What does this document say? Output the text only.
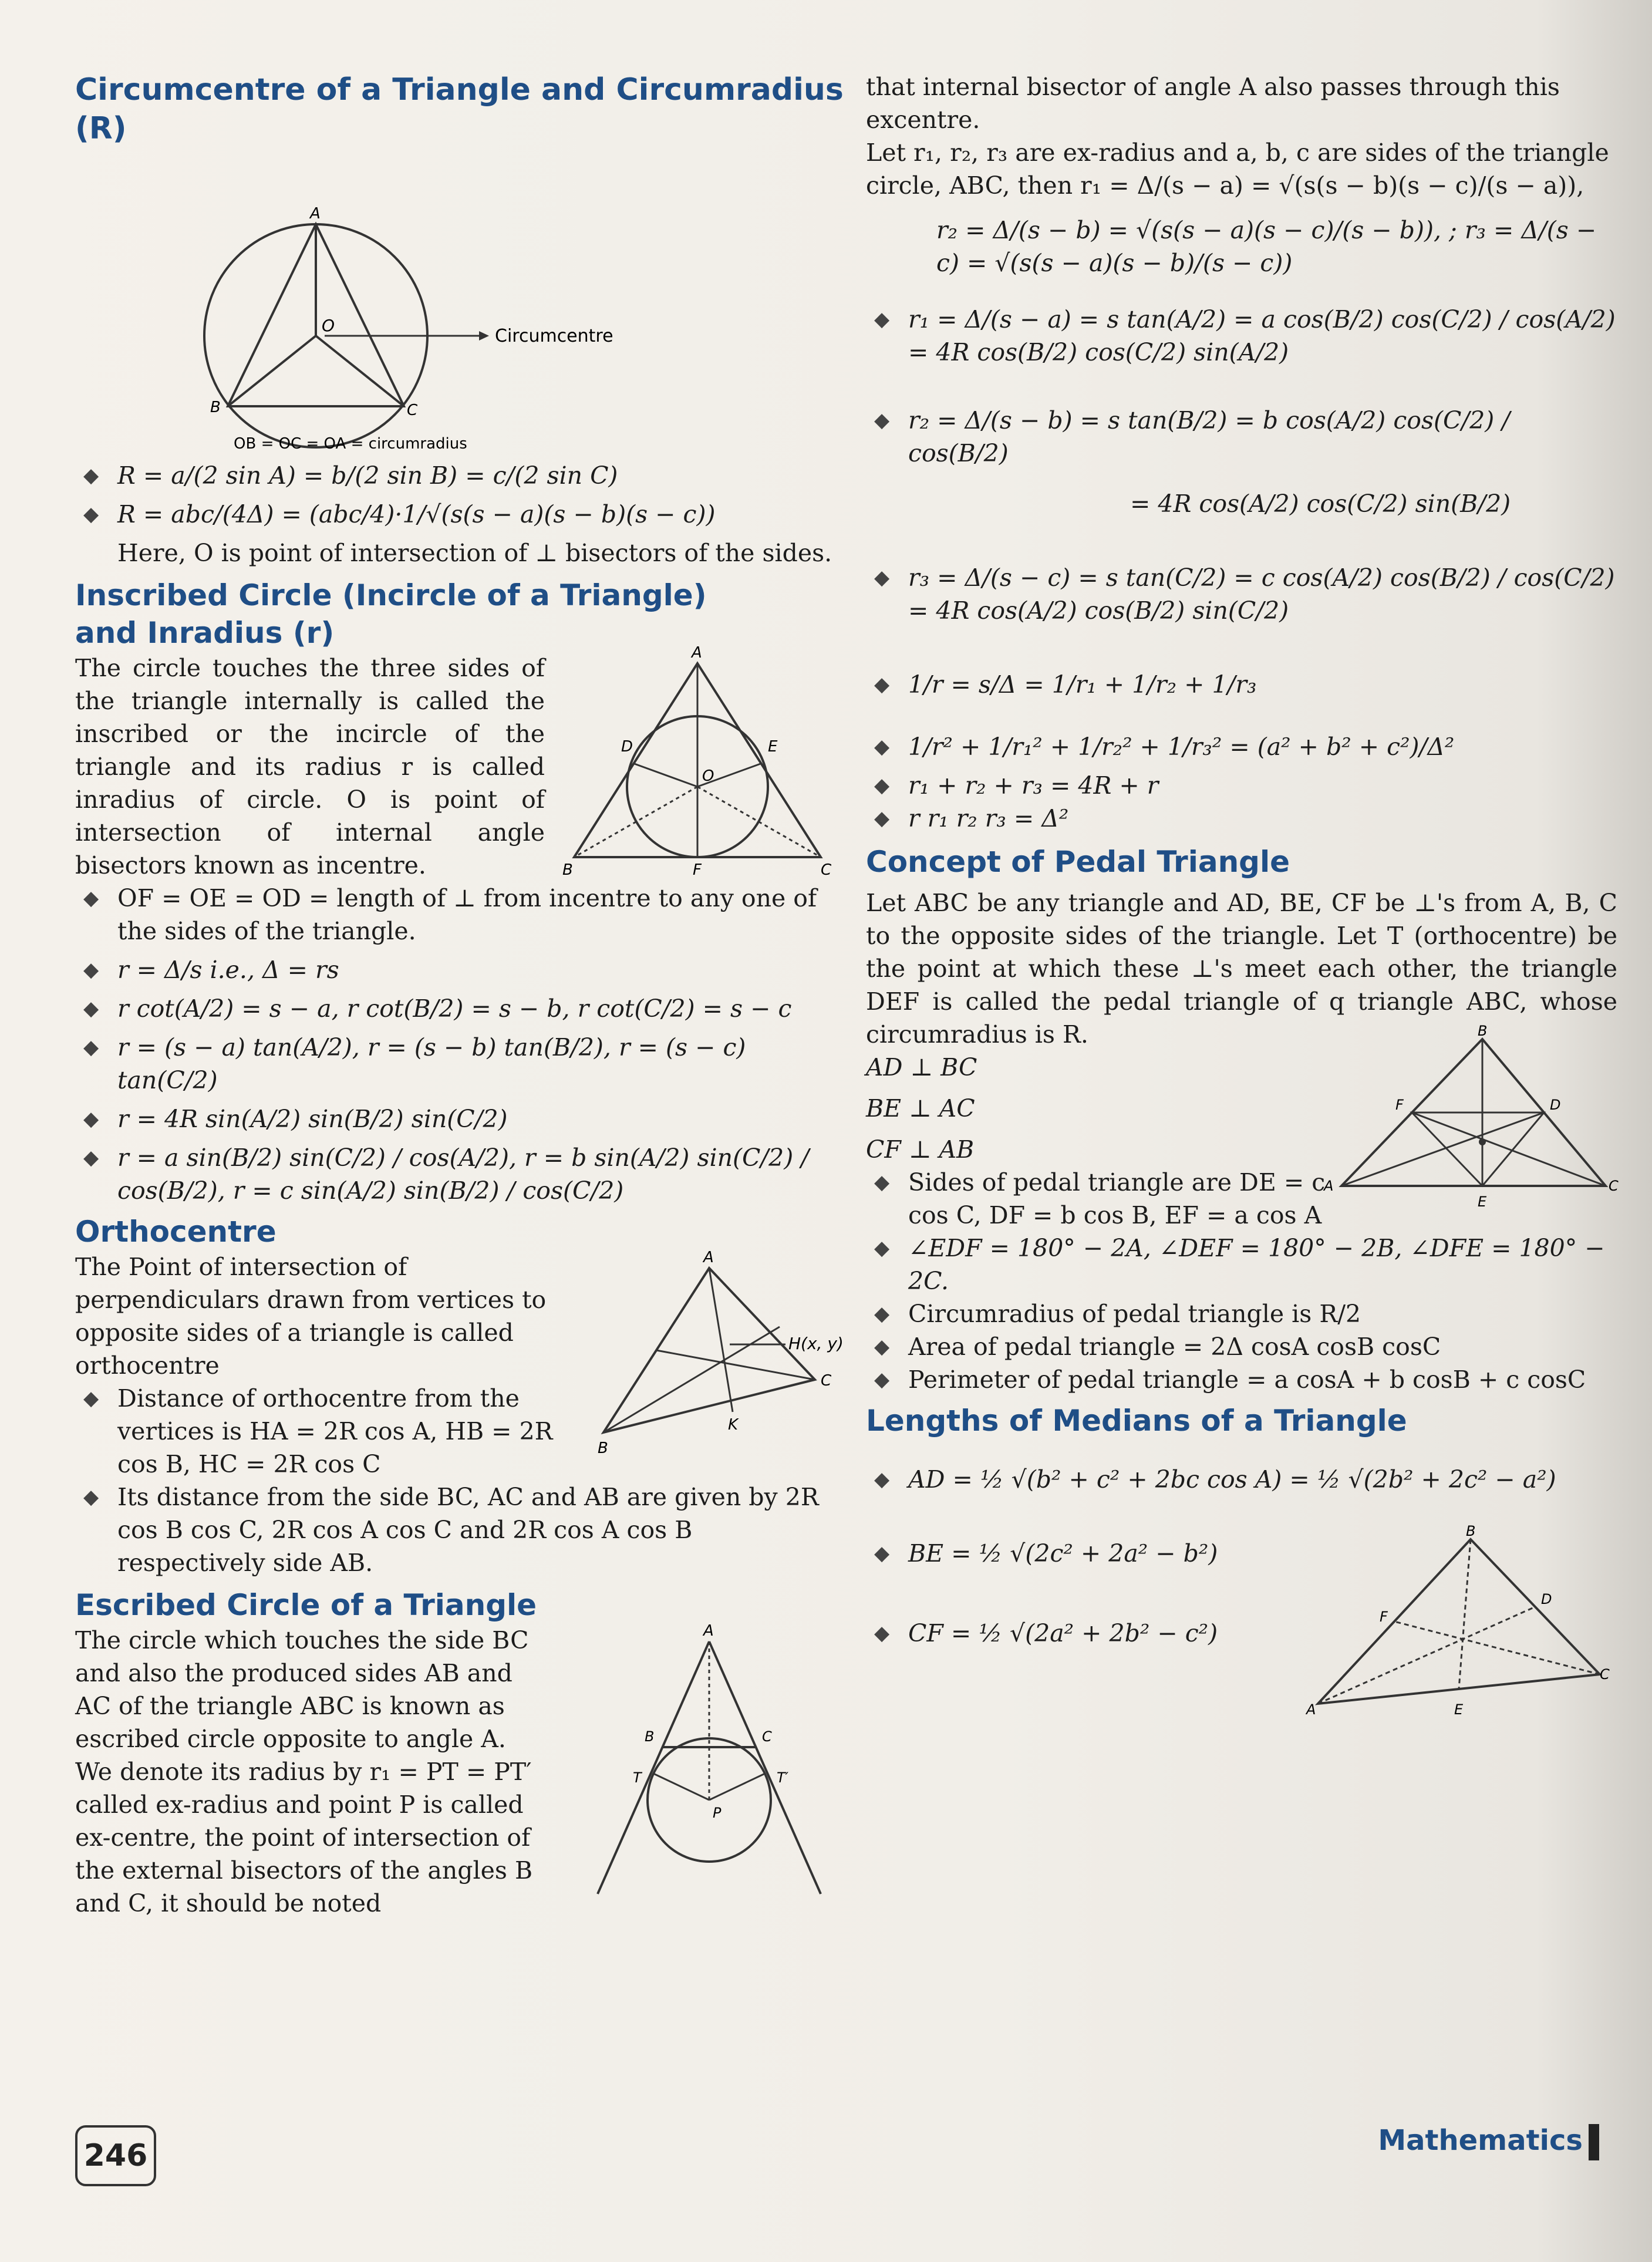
Circumcentre of a Triangle and Circumradius (R)
A
B	C
O
Circumcentre
OB = OC = OA = circumradius
◆ R = a/(2 sin A) = b/(2 sin B) = c/(2 sin C)
◆ R = abc/(4Δ) = (abc/4)·1/√(s(s − a)(s − b)(s − c))
Here, O is point of intersection of ⊥ bisectors of the sides.
Inscribed Circle (Incircle of a Triangle) and Inradius (r)
The circle touches the three sides of the triangle internally is called the inscribed or the incircle of the triangle and its radius r is called inradius of circle. O is point of intersection of internal angle bisectors known as incentre.
A
D	E
O
B	F	C
◆ OF = OE = OD = length of ⊥ from incentre to any one of the sides of the triangle.
◆ r = Δ/s i.e., Δ = rs
◆ r cot(A/2) = s − a, r cot(B/2) = s − b, r cot(C/2) = s − c
◆ r = (s − a) tan(A/2), r = (s − b) tan(B/2), r = (s − c) tan(C/2)
◆ r = 4R sin(A/2) sin(B/2) sin(C/2)
◆ r = a sin(B/2) sin(C/2) / cos(A/2), r = b sin(A/2) sin(C/2) / cos(B/2), r = c sin(A/2) sin(B/2) / cos(C/2)
Orthocentre
The Point of intersection of perpendiculars drawn from vertices to opposite sides of a triangle is called orthocentre
◆ Distance of orthocentre from the vertices is HA = 2R cos A, HB = 2R cos B, HC = 2R cos C
A
B
C
K
H(x, y)
◆ Its distance from the side BC, AC and AB are given by 2R cos B cos C, 2R cos A cos C and 2R cos A cos B respectively side AB.
Escribed Circle of a Triangle
The circle which touches the side BC and also the produced sides AB and AC of the triangle ABC is known as escribed circle opposite to angle A. We denote its radius by r₁ = PT = PT′ called ex-radius and point P is called ex-centre, the point of intersection of the external bisectors of the angles B and C, it should be noted
A
B	C
T	T′
P
that internal bisector of angle A also passes through this excentre.
Let r₁, r₂, r₃ are ex-radius and a, b, c are sides of the triangle circle, ABC, then r₁ = Δ/(s − a) = √(s(s − b)(s − c)/(s − a)),
r₂ = Δ/(s − b) = √(s(s − a)(s − c)/(s − b)), ; r₃ = Δ/(s − c) = √(s(s − a)(s − b)/(s − c))
◆ r₁ = Δ/(s − a) = s tan(A/2) = a cos(B/2) cos(C/2) / cos(A/2) = 4R cos(B/2) cos(C/2) sin(A/2)
◆ r₂ = Δ/(s − b) = s tan(B/2) = b cos(A/2) cos(C/2) / cos(B/2)
= 4R cos(A/2) cos(C/2) sin(B/2)
◆ r₃ = Δ/(s − c) = s tan(C/2) = c cos(A/2) cos(B/2) / cos(C/2) = 4R cos(A/2) cos(B/2) sin(C/2)
◆ 1/r = s/Δ = 1/r₁ + 1/r₂ + 1/r₃
◆ 1/r² + 1/r₁² + 1/r₂² + 1/r₃² = (a² + b² + c²)/Δ²
◆ r₁ + r₂ + r₃ = 4R + r
◆ r r₁ r₂ r₃ = Δ²
Concept of Pedal Triangle
Let ABC be any triangle and AD, BE, CF be ⊥'s from A, B, C to the opposite sides of the triangle. Let T (orthocentre) be the point at which these ⊥'s meet each other, the triangle DEF is called the pedal triangle of q triangle ABC, whose circumradius is R.
AD ⊥ BC
BE ⊥ AC
CF ⊥ AB
◆ Sides of pedal triangle are DE = c cos C, DF = b cos B, EF = a cos A
B
A	C
F	D
E
◆ ∠EDF = 180° − 2A, ∠DEF = 180° − 2B, ∠DFE = 180° − 2C.
◆ Circumradius of pedal triangle is R/2
◆ Area of pedal triangle = 2Δ cosA cosB cosC
◆ Perimeter of pedal triangle = a cosA + b cosB + c cosC
Lengths of Medians of a Triangle
◆ AD = ½ √(b² + c² + 2bc cos A) = ½ √(2b² + 2c² − a²)
◆ BE = ½ √(2c² + 2a² − b²)
◆ CF = ½ √(2a² + 2b² − c²)
B
A
C
D
F
E
246	Mathematics
